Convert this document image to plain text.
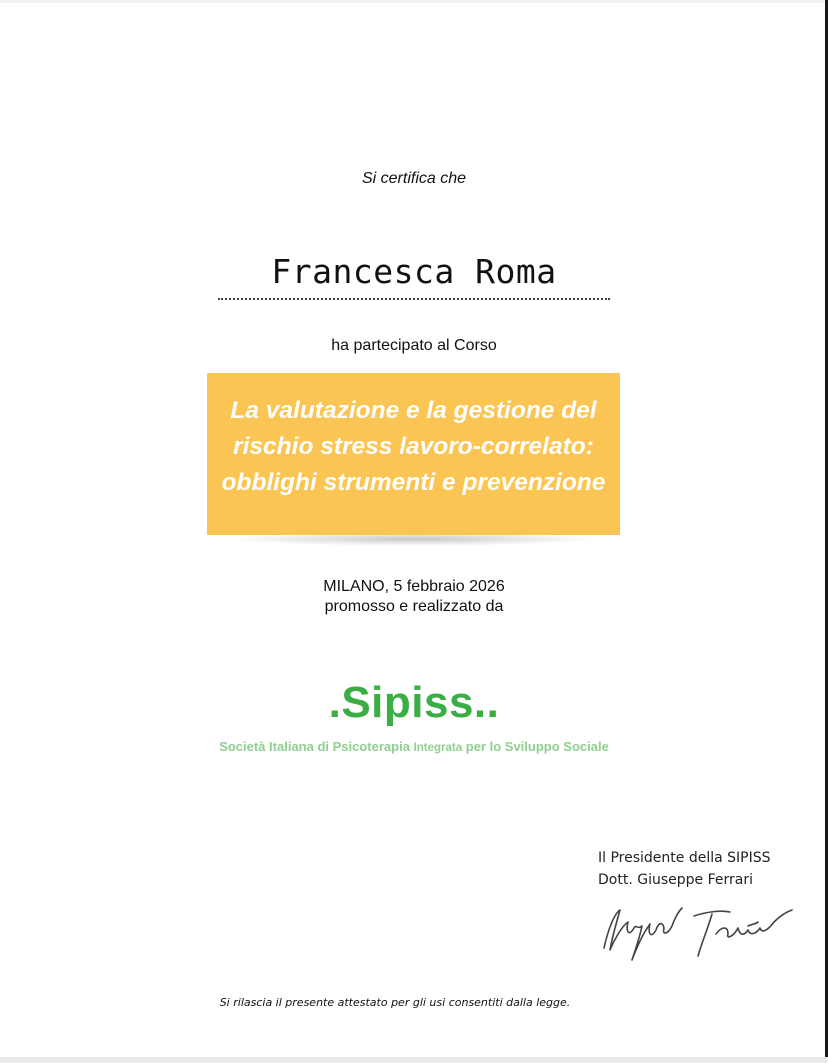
Si certifica che
Francesca Roma
ha partecipato al Corso
La valutazione e la gestione del rischio stress lavoro-correlato: obblighi strumenti e prevenzione
MILANO, 5 febbraio 2026
promosso e realizzato da
.Sipiss..
Società Italiana di Psicoterapia Integrata per lo Sviluppo Sociale
Il Presidente della SIPISS
Dott. Giuseppe Ferrari
Si rilascia il presente attestato per gli usi consentiti dalla legge.
